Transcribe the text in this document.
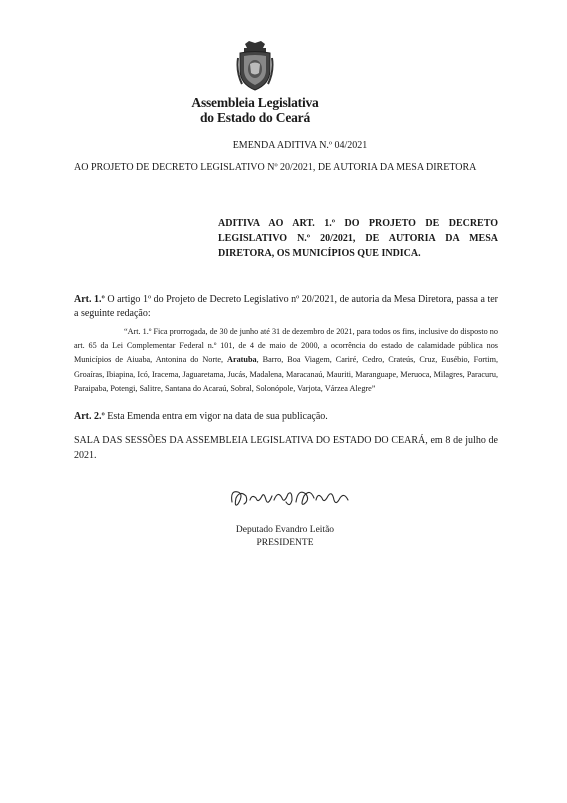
Assembleia Legislativa
do Estado do Ceará
EMENDA ADITIVA N.º 04/2021
AO PROJETO DE DECRETO LEGISLATIVO Nº 20/2021, DE AUTORIA DA MESA DIRETORA
ADITIVA AO ART. 1.º DO PROJETO DE DECRETO LEGISLATIVO N.º 20/2021, DE AUTORIA DA MESA DIRETORA, OS MUNICÍPIOS QUE INDICA.
Art. 1.º O artigo 1º do Projeto de Decreto Legislativo nº 20/2021, de autoria da Mesa Diretora, passa a ter a seguinte redação:
“Art. 1.º Fica prorrogada, de 30 de junho até 31 de dezembro de 2021, para todos os fins, inclusive do disposto no art. 65 da Lei Complementar Federal n.º 101, de 4 de maio de 2000, a ocorrência do estado de calamidade pública nos Municípios de Aiuaba, Antonina do Norte, Aratuba, Barro, Boa Viagem, Cariré, Cedro, Crateús, Cruz, Eusébio, Fortim, Groaíras, Ibiapina, Icó, Iracema, Jaguaretama, Jucás, Madalena, Maracanaú, Mauriti, Maranguape, Meruoca, Milagres, Paracuru, Paraipaba, Potengi, Salitre, Santana do Acaraú, Sobral, Solonópole, Varjota, Várzea Alegre”
Art. 2.º Esta Emenda entra em vigor na data de sua publicação.
SALA DAS SESSÕES DA ASSEMBLEIA LEGISLATIVA DO ESTADO DO CEARÁ, em 8 de julho de 2021.
Deputado Evandro Leitão
PRESIDENTE
